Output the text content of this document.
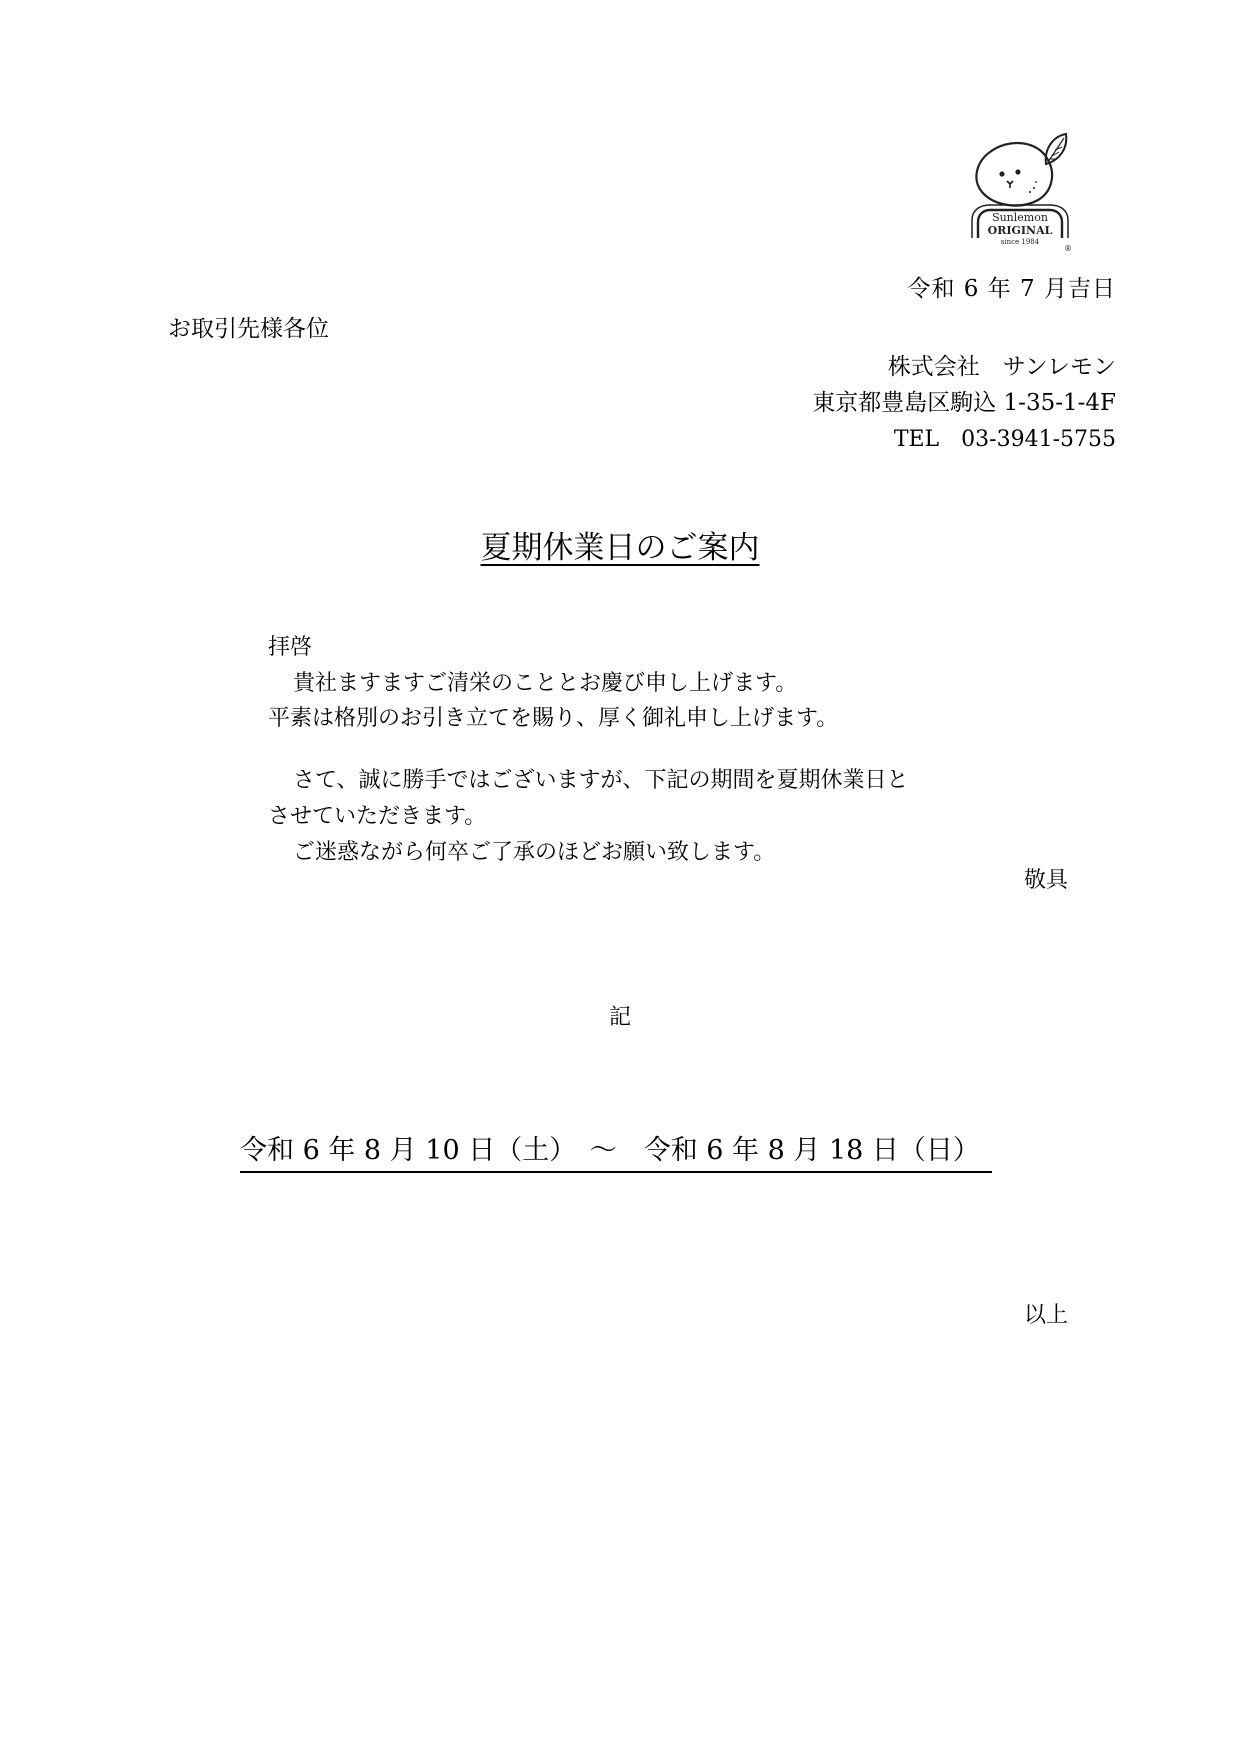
Sunlemon
ORIGINAL
since 1984
®

令和 6 年 7 月吉日

お取引先様各位

株式会社　サンレモン

東京都豊島区駒込 1-35-1-4F

TEL　03-3941-5755

夏期休業日のご案内

拝啓

貴社ますますご清栄のこととお慶び申し上げます。

平素は格別のお引き立てを賜り、厚く御礼申し上げます。

さて、誠に勝手ではございますが、下記の期間を夏期休業日と

させていただきます。

ご迷惑ながら何卒ご了承のほどお願い致します。

敬具

記

令和 6 年 8 月 10 日（土）　～　令和 6 年 8 月 18 日（日）

以上
